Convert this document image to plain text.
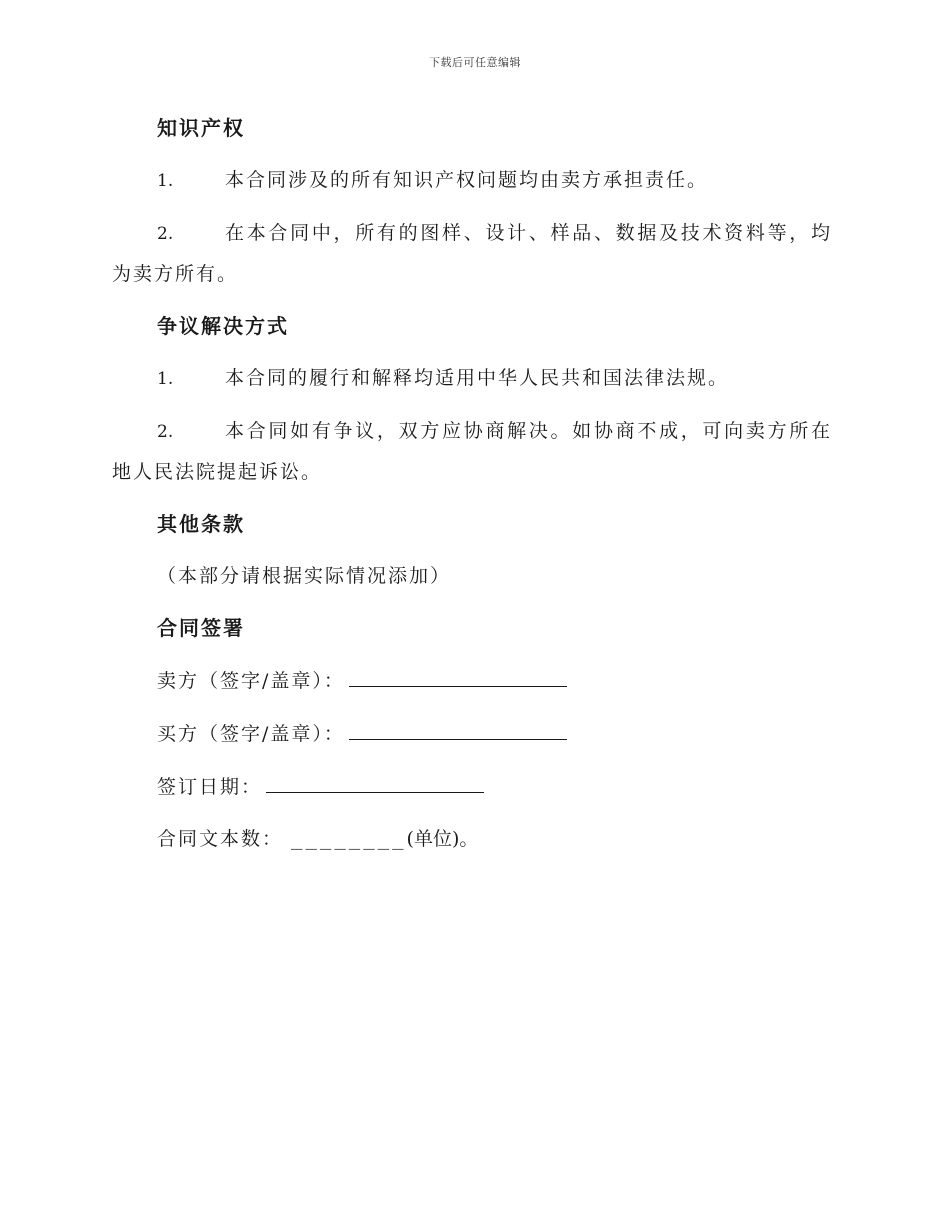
下载后可任意编辑
知识产权
1.	本合同涉及的所有知识产权问题均由卖方承担责任。
2.	在本合同中，所有的图样、设计、样品、数据及技术资料等，均
为卖方所有。
争议解决方式
1.	本合同的履行和解释均适用中华人民共和国法律法规。
2.	本合同如有争议，双方应协商解决。如协商不成，可向卖方所在
地人民法院提起诉讼。
其他条款
（本部分请根据实际情况添加）
合同签署
卖方（签字/盖章）：
买方（签字/盖章）：
签订日期：
合同文本数： ________ (单位)。
